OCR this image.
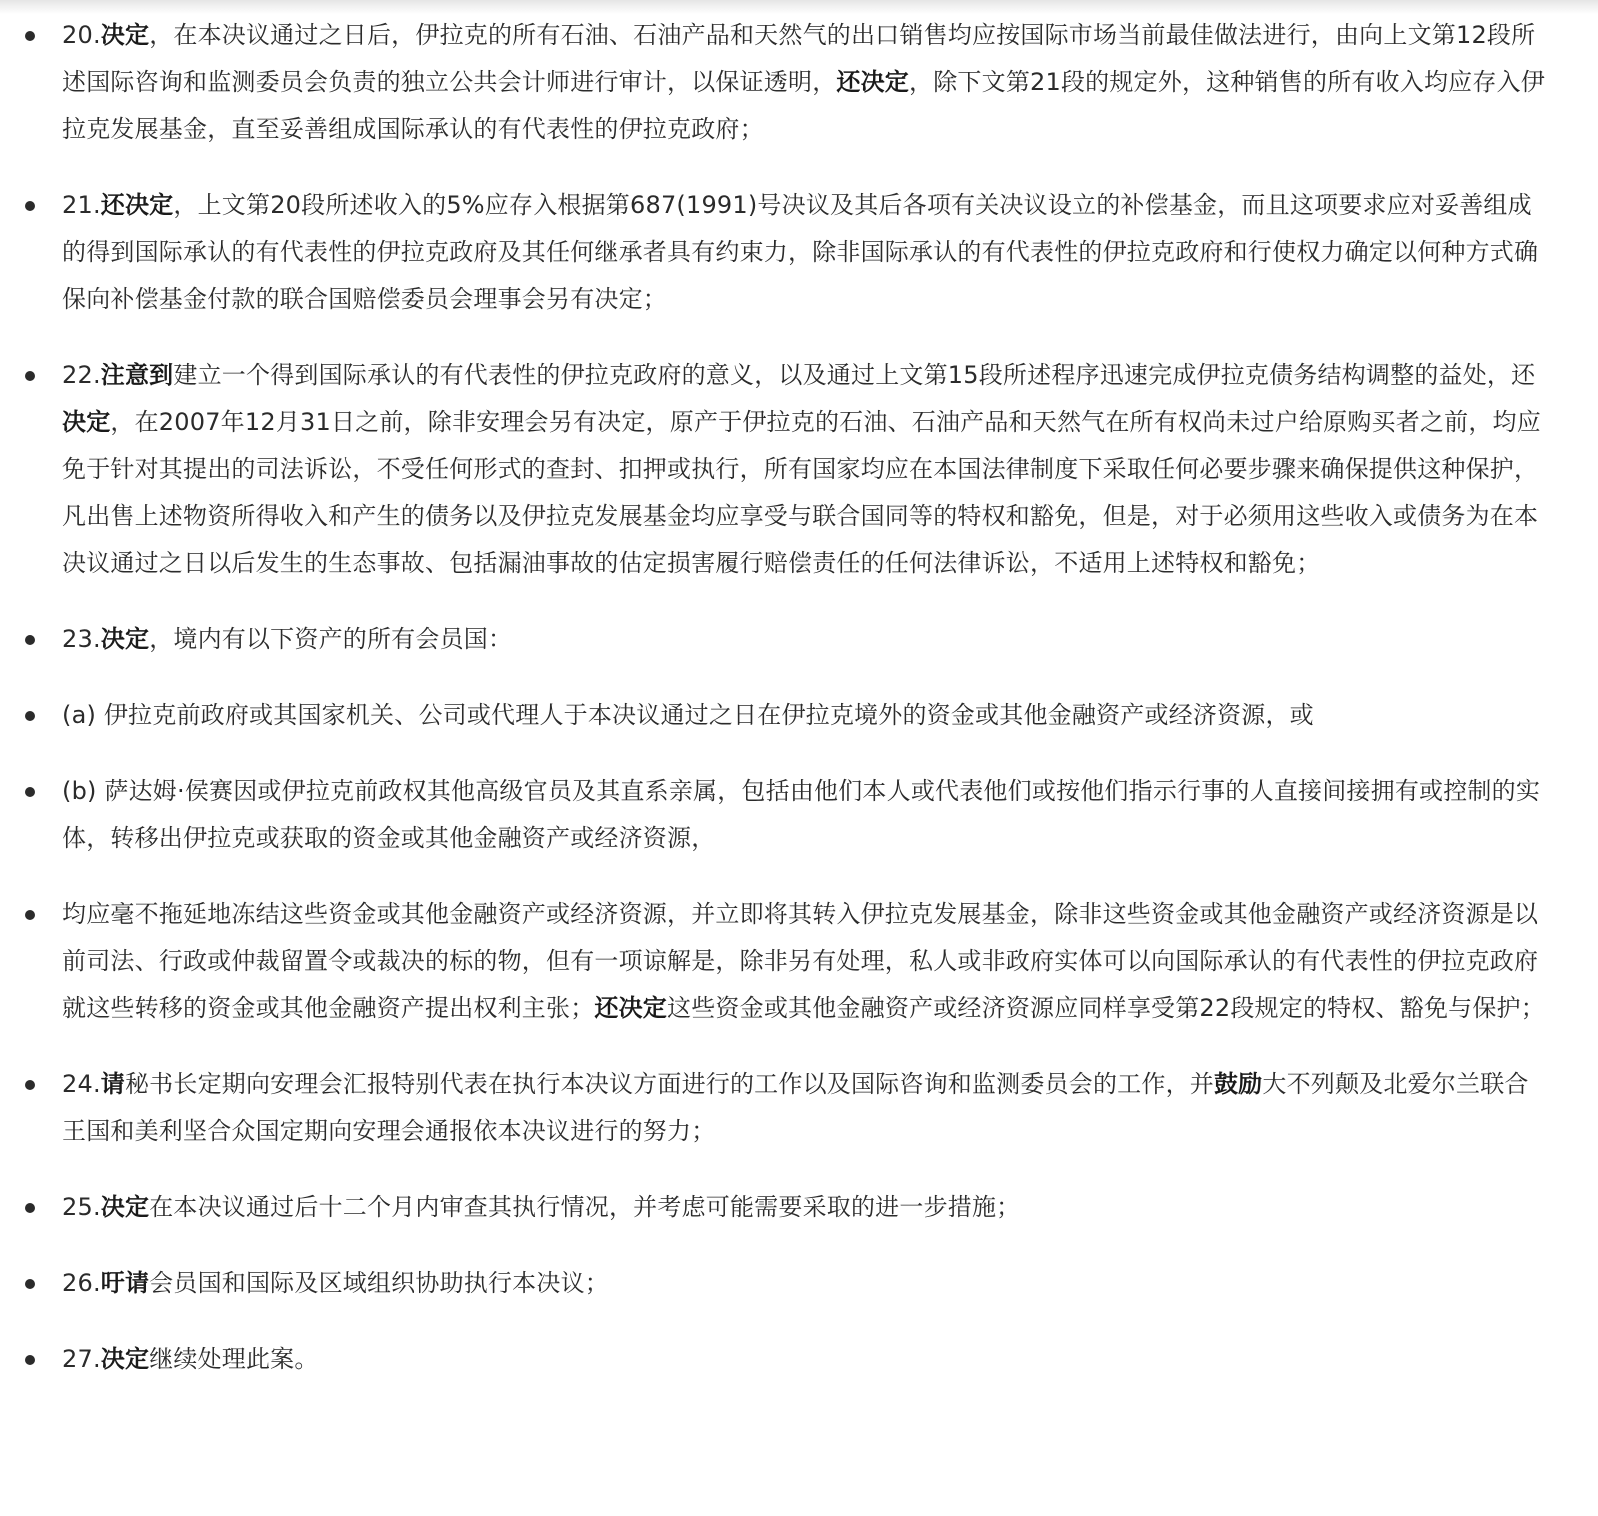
20.决定，在本决议通过之日后，伊拉克的所有石油、石油产品和天然气的出口销售均应按国际市场当前最佳做法进行，由向上文第12段所述国际咨询和监测委员会负责的独立公共会计师进行审计，以保证透明，还决定，除下文第21段的规定外，这种销售的所有收入均应存入伊拉克发展基金，直至妥善组成国际承认的有代表性的伊拉克政府；
21.还决定，上文第20段所述收入的5%应存入根据第687(1991)号决议及其后各项有关决议设立的补偿基金，而且这项要求应对妥善组成的得到国际承认的有代表性的伊拉克政府及其任何继承者具有约束力，除非国际承认的有代表性的伊拉克政府和行使权力确定以何种方式确保向补偿基金付款的联合国赔偿委员会理事会另有决定；
22.注意到建立一个得到国际承认的有代表性的伊拉克政府的意义，以及通过上文第15段所述程序迅速完成伊拉克债务结构调整的益处，还决定，在2007年12月31日之前，除非安理会另有决定，原产于伊拉克的石油、石油产品和天然气在所有权尚未过户给原购买者之前，均应免于针对其提出的司法诉讼，不受任何形式的查封、扣押或执行，所有国家均应在本国法律制度下采取任何必要步骤来确保提供这种保护，凡出售上述物资所得收入和产生的债务以及伊拉克发展基金均应享受与联合国同等的特权和豁免，但是，对于必须用这些收入或债务为在本决议通过之日以后发生的生态事故、包括漏油事故的估定损害履行赔偿责任的任何法律诉讼，不适用上述特权和豁免；
23.决定，境内有以下资产的所有会员国：
(a) 伊拉克前政府或其国家机关、公司或代理人于本决议通过之日在伊拉克境外的资金或其他金融资产或经济资源，或
(b) 萨达姆·侯赛因或伊拉克前政权其他高级官员及其直系亲属，包括由他们本人或代表他们或按他们指示行事的人直接间接拥有或控制的实体，转移出伊拉克或获取的资金或其他金融资产或经济资源，
均应毫不拖延地冻结这些资金或其他金融资产或经济资源，并立即将其转入伊拉克发展基金，除非这些资金或其他金融资产或经济资源是以前司法、行政或仲裁留置令或裁决的标的物，但有一项谅解是，除非另有处理，私人或非政府实体可以向国际承认的有代表性的伊拉克政府就这些转移的资金或其他金融资产提出权利主张；还决定这些资金或其他金融资产或经济资源应同样享受第22段规定的特权、豁免与保护；
24.请秘书长定期向安理会汇报特别代表在执行本决议方面进行的工作以及国际咨询和监测委员会的工作，并鼓励大不列颠及北爱尔兰联合王国和美利坚合众国定期向安理会通报依本决议进行的努力；
25.决定在本决议通过后十二个月内审查其执行情况，并考虑可能需要采取的进一步措施；
26.吁请会员国和国际及区域组织协助执行本决议；
27.决定继续处理此案。
